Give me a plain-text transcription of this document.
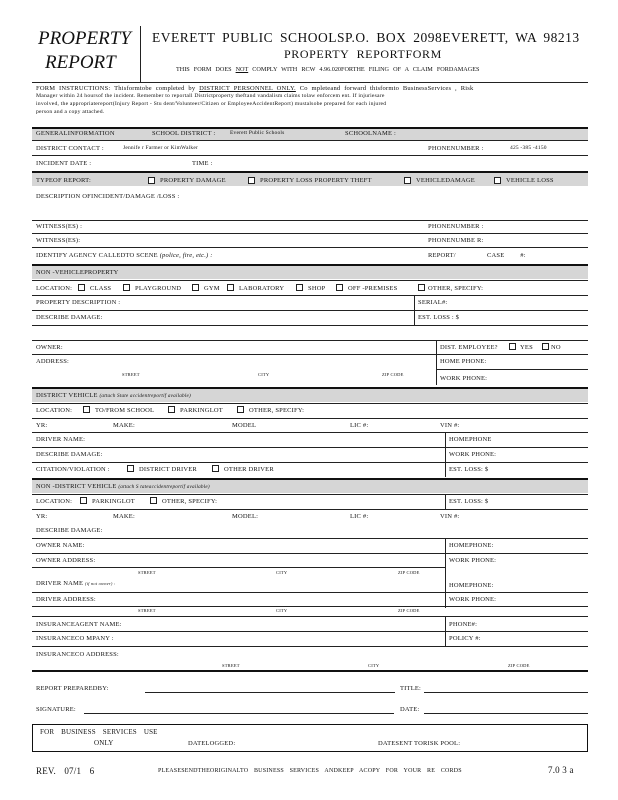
PROPERTY
REPORT
EVERETT PUBLIC SCHOOLSP.O. BOX 2098EVERETT, WA 98213
PROPERTY REPORTFORM
THIS FORM DOES NOT COMPLY WITH RCW 4.96.020FORTHE FILING OF A CLAIM FORDAMAGES
FORM INSTRUCTIONS: Thisformtobe completed by DISTRICT PERSONNEL ONLY. Co mpleteand forward thisformto BusinessServices , Risk
Manager within 24 hoursof the incident. Remember to reportall Districtproperty theftand vandalism claims tolaw enforcem ent. If injuriesare
involved, the appropriatereport(Injury Report - Stu dent/Volunteer/Citizen or EmployeeAccidentReport) mustalsobe prepared for each injured
person and a copy attached.
GENERALINFORMATION	SCHOOL DISTRICT :	Everett Public Schools	SCHOOLNAME :
DISTRICT CONTACT :	Jennife r Farmer or KimWalker	PHONENUMBER :	425 -385 -4150
INCIDENT DATE :	TIME :
TYPEOF REPORT:	PROPERTY DAMAGE	PROPERTY LOSS PROPERTY THEFT	VEHICLEDAMAGE	VEHICLE LOSS
DESCRIPTION OFINCIDENT/DAMAGE /LOSS :
WITNESS(ES) :	PHONENUMBER :
WITNESS(ES):	PHONENUMBE R:
IDENTIFY AGENCY CALLEDTO SCENE (police, fire, etc.) :	REPORT/	CASE #:
NON -VEHICLEPROPERTY
LOCATION:	CLASS	PLAYGROUND	GYM	LABORATORY	SHOP	OFF -PREMISES	OTHER, SPECIFY:
PROPERTY DESCRIPTION :	SERIAL#:
DESCRIBE DAMAGE:	EST. LOSS : $
OWNER:	DIST. EMPLOYEE?	YES	NO
ADDRESS:	HOME PHONE:
STREET	CITY	ZIP CODE
WORK PHONE:
DISTRICT VEHICLE (attach State accidentreportif available)
LOCATION:	TO/FROM SCHOOL	PARKINGLOT	OTHER, SPECIFY:
YR:	MAKE:	MODEL	LIC #:	VIN #:
DRIVER NAME:	HOMEPHONE
DESCRIBE DAMAGE:	WORK PHONE:
CITATION/VIOLATION :	DISTRICT DRIVER	OTHER DRIVER	EST. LOSS: $
NON -DISTRICT VEHICLE (attach S tateaccidentreportif available)
LOCATION:	PARKINGLOT	OTHER, SPECIFY:	EST. LOSS: $
YR:	MAKE:	MODEL:	LIC #:	VIN #:
DESCRIBE DAMAGE:
OWNER NAME:	HOMEPHONE:
OWNER ADDRESS:	WORK PHONE:
STREET	CITY	ZIP CODE
DRIVER NAME (if not owner) :	HOMEPHONE:
DRIVER ADDRESS:	WORK PHONE:
STREET	CITY	ZIP CODE
INSURANCEAGENT NAME:	PHONE#:
INSURANCECO MPANY :	POLICY #:
INSURANCECO ADDRESS:
STREET	CITY	ZIP CODE
REPORT PREPAREDBY:	TITLE:
SIGNATURE:	DATE:
FOR BUSINESS SERVICES USE
ONLY	DATELOGGED:	DATESENT TORISK POOL:
REV. 07/1 6	PLEASESENDTHEORIGINALTO BUSINESS SERVICES ANDKEEP ACOPY FOR YOUR RE CORDS	7.0 3 a
